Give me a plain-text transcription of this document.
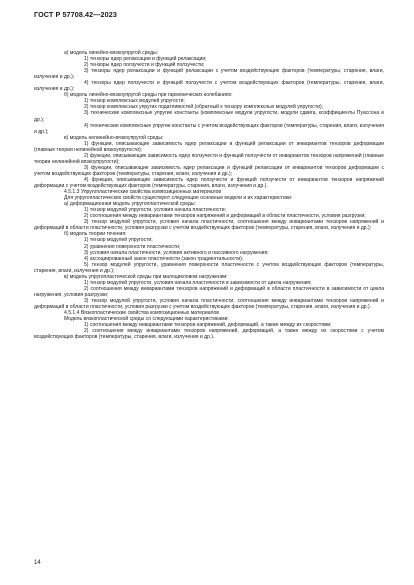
ГОСТ Р 57708.42—2023

а) модель линейно-вязкоупругой среды:

1) тензоры ядер релаксации и функций релаксации;

2) тензоры ядер ползучести и функций ползучести;

3) тензоры ядер релаксации и функций релаксации с учетом воздействующих факторов (температуры, старения, влаги, излучения и др.);

4) тензоры ядер ползучести и функций ползучести с учетом воздействующих факторов (температуры, старения, влаги, излучения и др.);

б) модель линейно-вязкоупругой среды при гармонических колебаниях:

1) тензор комплексных модулей упругости;

2) тензор комплексных упругих податливостей (обратный к тензору комплексных модулей упругости);

3) технические комплексные упругие константы (комплексные модули упругости, модули сдвига, коэффициенты Пуассона и др.);

4) технические комплексные упругие константы с учетом воздействующих факторов (температуры, старения, влаги, излучения и др.);

в) модель нелинейно-вязкоупругой среды:

1) функции, описывающие зависимость ядер релаксации и функций релаксации от инвариантов тензоров деформации (главные теории нелинейной вязкоупругости);

2) функции, описывающие зависимость ядер ползучести и функций ползучести от инвариантов тензоров напряжений (главные теории нелинейной вязкоупругости);

3) функции, описывающие зависимость ядер релаксации и функций релаксации от инвариантов тензоров деформации с учетом воздействующих факторов (температуры, старения, влаги, излучения и др.);

4) функции, описывающие зависимость ядер ползучести и функций ползучести от инвариантов тензоров напряжений деформации с учетом воздействующих факторов (температуры, старения, влаги, излучения и др.).

4.5.1.3 Упругопластические свойства композиционных материалов

Для упругопластических свойств существуют следующие основные модели и их характеристики:

а) деформационная модель упругопластической среды:

1) тензор модулей упругости, условия начала пластичности;

2) соотношения между инвариантами тензоров напряжений и деформаций в области пластичности, условия разгрузки;

3) тензор модулей упругости, условия начала пластичности, соотношения между инвариантами тензоров напряжений и деформаций в области пластичности, условия разгрузки с учетом воздействующих факторов (температуры, старения, влаги, излучения и др.);

б) модель теории течения:

1) тензор модулей упругости;

2) уравнения поверхности пластичности;

3) условия начала пластичности, условия активного и пассивного нагружения;

4) ассоциированный закон пластичности (закон градиентальности);

5) тензор модулей упругости, уравнения поверхности пластичности с учетом воздействующих факторов (температуры, старения, влаги, излучения и др.);

в) модель упругопластической среды при малоцикловом нагружении:

1) тензор модулей упругости, условия начала пластичности в зависимости от цикла нагружения;

2) соотношения между инвариантами тензоров напряжений и деформаций в области пластичности в зависимости от цикла нагружения, условия разгрузки;

3) тензор модулей упругости, условия начала пластичности, соотношения между инвариантами тензоров напряжений и деформаций в области пластичности, условия разгрузки с учетом воздействующих факторов (температуры, старения, влаги, излучения и др.).

4.5.1.4 Вязкопластические свойства композиционных материалов

Модель вязкопластической среды со следующими характеристиками:

1) соотношения между инвариантами тензоров напряжений, деформаций, а также между их скоростями;

2) соотношения между инвариантами тензоров напряжений, деформаций, а также между их скоростями с учетом воздействующих факторов (температуры, старения, влаги, излучения и др.).

14
